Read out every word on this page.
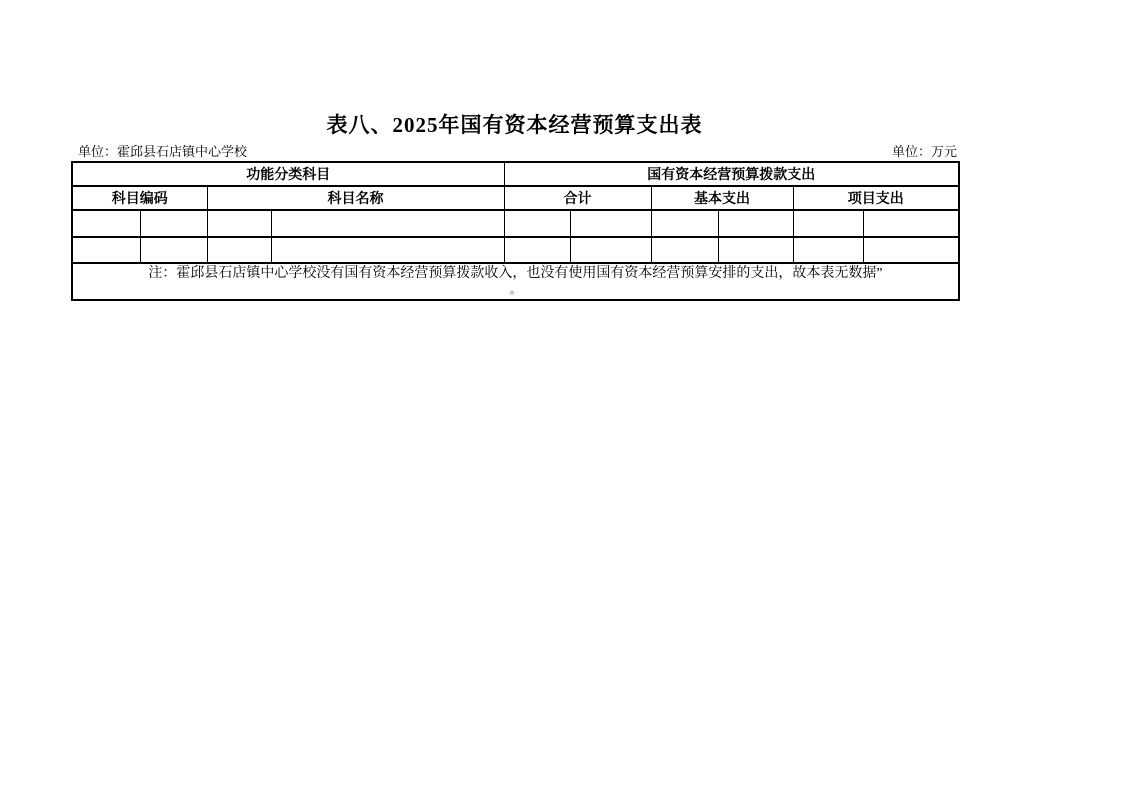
表八、2025年国有资本经营预算支出表
单位：霍邱县石店镇中心学校	单位：万元
功能分类科目				国有资本经营预算拨款支出					
科目编码		科目名称		合计		基本支出		项目支出	

注：霍邱县石店镇中心学校没有国有资本经营预算拨款收入，也没有使用国有资本经营预算安排的支出，故本表无数据”
。									
